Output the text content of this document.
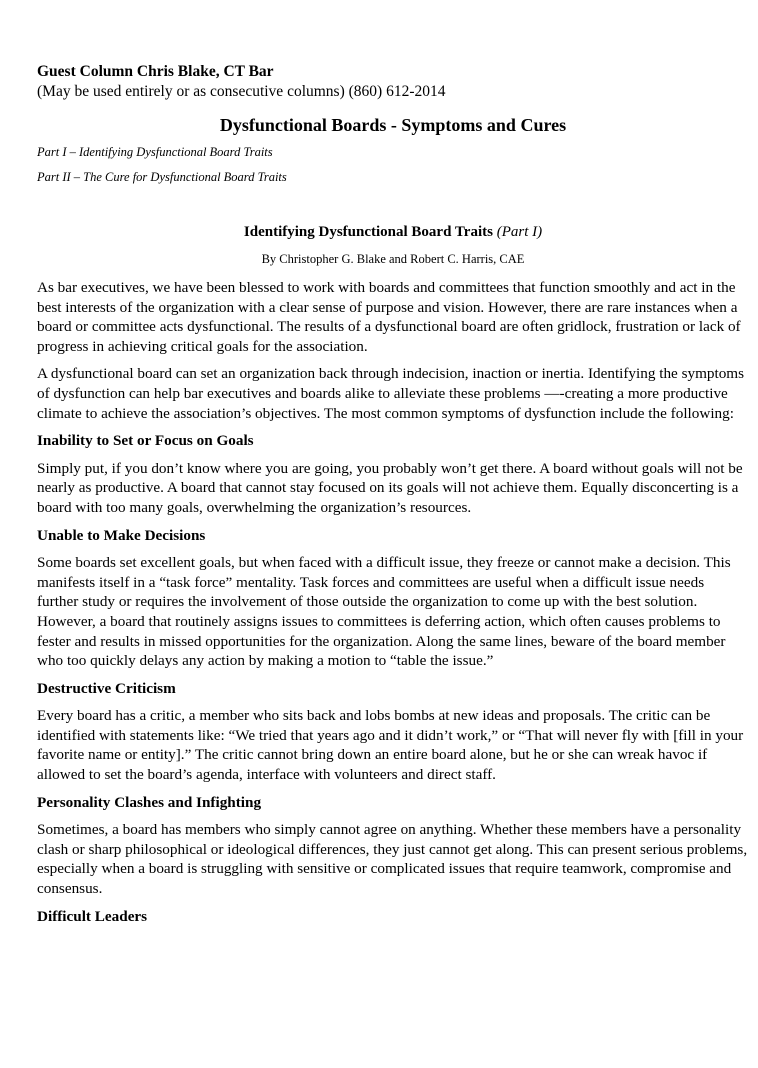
Guest Column Chris Blake, CT Bar
(May be used entirely or as consecutive columns) (860) 612-2014
Dysfunctional Boards - Symptoms and Cures
Part I – Identifying Dysfunctional Board Traits
Part II – The Cure for Dysfunctional Board Traits
Identifying Dysfunctional Board Traits (Part I)
By Christopher G. Blake and Robert C. Harris, CAE

As bar executives, we have been blessed to work with boards and committees that function smoothly and act in the best interests of the organization with a clear sense of purpose and vision. However, there are rare instances when a board or committee acts dysfunctional. The results of a dysfunctional board are often gridlock, frustration or lack of progress in achieving critical goals for the association.

A dysfunctional board can set an organization back through indecision, inaction or inertia. Identifying the symptoms of dysfunction can help bar executives and boards alike to alleviate these problems —-creating a more productive climate to achieve the association’s objectives. The most common symptoms of dysfunction include the following:

Inability to Set or Focus on Goals

Simply put, if you don’t know where you are going, you probably won’t get there. A board without goals will not be nearly as productive. A board that cannot stay focused on its goals will not achieve them. Equally disconcerting is a board with too many goals, overwhelming the organization’s resources.

Unable to Make Decisions

Some boards set excellent goals, but when faced with a difficult issue, they freeze or cannot make a decision. This manifests itself in a “task force” mentality. Task forces and committees are useful when a difficult issue needs further study or requires the involvement of those outside the organization to come up with the best solution. However, a board that routinely assigns issues to committees is deferring action, which often causes problems to fester and results in missed opportunities for the organization. Along the same lines, beware of the board member who too quickly delays any action by making a motion to “table the issue.”

Destructive Criticism

Every board has a critic, a member who sits back and lobs bombs at new ideas and proposals. The critic can be identified with statements like: “We tried that years ago and it didn’t work,” or “That will never fly with [fill in your favorite name or entity].” The critic cannot bring down an entire board alone, but he or she can wreak havoc if allowed to set the board’s agenda, interface with volunteers and direct staff.

Personality Clashes and Infighting

Sometimes, a board has members who simply cannot agree on anything. Whether these members have a personality clash or sharp philosophical or ideological differences, they just cannot get along. This can present serious problems, especially when a board is struggling with sensitive or complicated issues that require teamwork, compromise and consensus.

Difficult Leaders
